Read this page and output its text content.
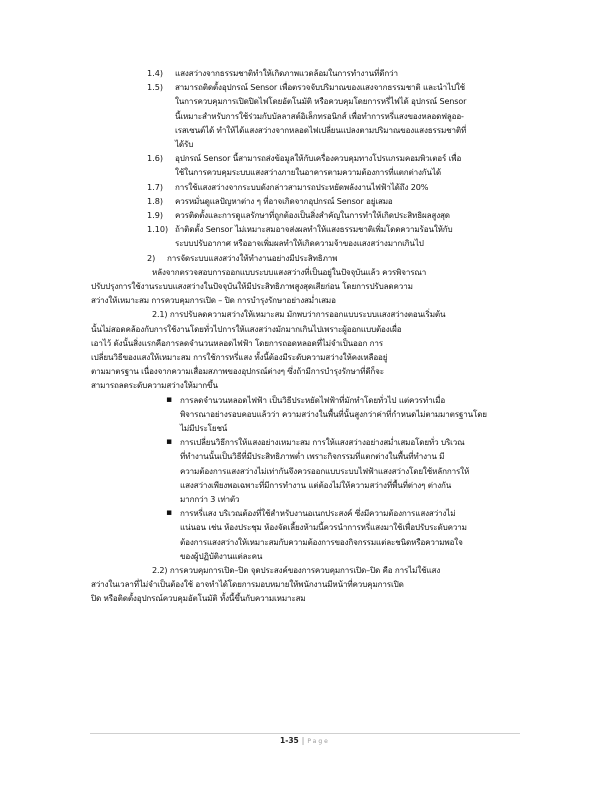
1.4) แสงสว่างจากธรรมชาติทำให้เกิดภาพแวดล้อมในการทำงานที่ดีกว่า
1.5) สามารถติดตั้งอุปกรณ์ Sensor เพื่อตรวจจับปริมาณของแสงจากธรรมชาติ และนำไปใช้
ในการควบคุมการเปิดปิดไฟโดยอัตโนมัติ หรือควบคุมโดยการหรี่ไฟได้ อุปกรณ์ Sensor
นี้เหมาะสำหรับการใช้ร่วมกับบัลลาสต์อิเล็กทรอนิกส์ เพื่อทำการหรี่แสงของหลอดฟลูออ-
เรสเซนต์ได้ ทำให้ได้แสงสว่างจากหลอดไฟเปลี่ยนแปลงตามปริมาณของแสงธรรมชาติที่
ได้รับ
1.6) อุปกรณ์ Sensor นี้สามารถส่งข้อมูลให้กับเครื่องควบคุมทางโปรแกรมคอมพิวเตอร์ เพื่อ
ใช้ในการควบคุมระบบแสงสว่างภายในอาคารตามความต้องการที่แตกต่างกันได้
1.7) การใช้แสงสว่างจากระบบดังกล่าวสามารถประหยัดพลังงานไฟฟ้าได้ถึง 20%
1.8) ควรหมั่นดูแลปัญหาต่าง ๆ ที่อาจเกิดจากอุปกรณ์ Sensor อยู่เสมอ
1.9) ควรติดตั้งและการดูแลรักษาที่ถูกต้องเป็นสิ่งสำคัญในการทำให้เกิดประสิทธิผลสูงสุด
1.10) ถ้าติดตั้ง Sensor ไม่เหมาะสมอาจส่งผลทำให้แสงธรรมชาติเพิ่มโดดความร้อนให้กับ
ระบบปรับอากาศ หรืออาจเพิ่มผลทำให้เกิดความจ้าของแสงสว่างมากเกินไป
2) การจัดระบบแสงสว่างให้ทำงานอย่างมีประสิทธิภาพ
หลังจากตรวจสอบการออกแบบระบบแสงสว่างที่เป็นอยู่ในปัจจุบันแล้ว ควรพิจารณา
ปรับปรุงการใช้งานระบบแสงสว่างในปัจจุบันให้มีประสิทธิภาพสูงสุดเสียก่อน โดยการปรับลดความ
สว่างให้เหมาะสม การควบคุมการเปิด – ปิด การบำรุงรักษาอย่างสม่ำเสมอ
2.1) การปรับลดความสว่างให้เหมาะสม มักพบว่าการออกแบบระบบแสงสว่างตอนเริ่มต้น
นั้นไม่สอดคล้องกับการใช้งานโดยทั่วไปการให้แสงสว่างมักมากเกินไปเพราะผู้ออกแบบต้องเผื่อ
เอาไว้ ดังนั้นสิ่งแรกคือการลดจำนวนหลอดไฟฟ้า โดยการถอดหลอดที่ไม่จำเป็นออก การ
เปลี่ยนวิธีของแสงให้เหมาะสม การใช้การหรี่แสง ทั้งนี้ต้องมีระดับความสว่างให้คงเหลืออยู่
ตามมาตรฐาน เนื่องจากความเสื่อมสภาพของอุปกรณ์ต่างๆ ซึ่งถ้ามีการบำรุงรักษาที่ดีก็จะ
สามารถลดระดับความสว่างให้มากขึ้น
▪ การลดจำนวนหลอดไฟฟ้า เป็นวิธีประหยัดไฟฟ้าที่มักทำโดยทั่วไป แต่ควรทำเมื่อ
พิจารณาอย่างรอบคอบแล้วว่า ความสว่างในพื้นที่นั้นสูงกว่าค่าที่กำหนดไม่ตามมาตรฐานโดย
ไม่มีประโยชน์
▪ การเปลี่ยนวิธีการให้แสงอย่างเหมาะสม การให้แสงสว่างอย่างสม่ำเสมอโดยทั่ว บริเวณ
ที่ทำงานนั้นเป็นวิธีที่มีประสิทธิภาพต่ำ เพราะกิจกรรมที่แตกต่างในพื้นที่ทำงาน มี
ความต้องการแสงสว่างไม่เท่ากันจึงควรออกแบบระบบไฟฟ้าแสงสว่างโดยใช้หลักการให้
แสงสว่างเพียงพอเฉพาะที่มีการทำงาน แต่ต้องไม่ให้ความสว่างที่พื้นที่ต่างๆ ต่างกัน
มากกว่า 3 เท่าตัว
▪ การหรี่แสง บริเวณต้องที่ใช้สำหรับงานอเนกประสงค์ ซึ่งมีความต้องการแสงสว่างไม่
แน่นอน เช่น ห้องประชุม ห้องจัดเลี้ยงห้ามนี้ควรนำการหรี่แสงมาใช้เพื่อปรับระดับความ
ต้องการแสงสว่างให้เหมาะสมกับความต้องการของกิจกรรมแต่ละชนิดหรือความพอใจ
ของผู้ปฏิบัติงานแต่ละคน
2.2) การควบคุมการเปิด–ปิด จุดประสงค์ของการควบคุมการเปิด–ปิด คือ การไม่ใช้แสง
สว่างในเวลาที่ไม่จำเป็นต้องใช้ อาจทำได้โดยการมอบหมายให้พนักงานมีหน้าที่ควบคุมการเปิด
ปิด หรือติดตั้งอุปกรณ์ควบคุมอัตโนมัติ ทั้งนี้ขึ้นกับความเหมาะสม
1-35 | Page
